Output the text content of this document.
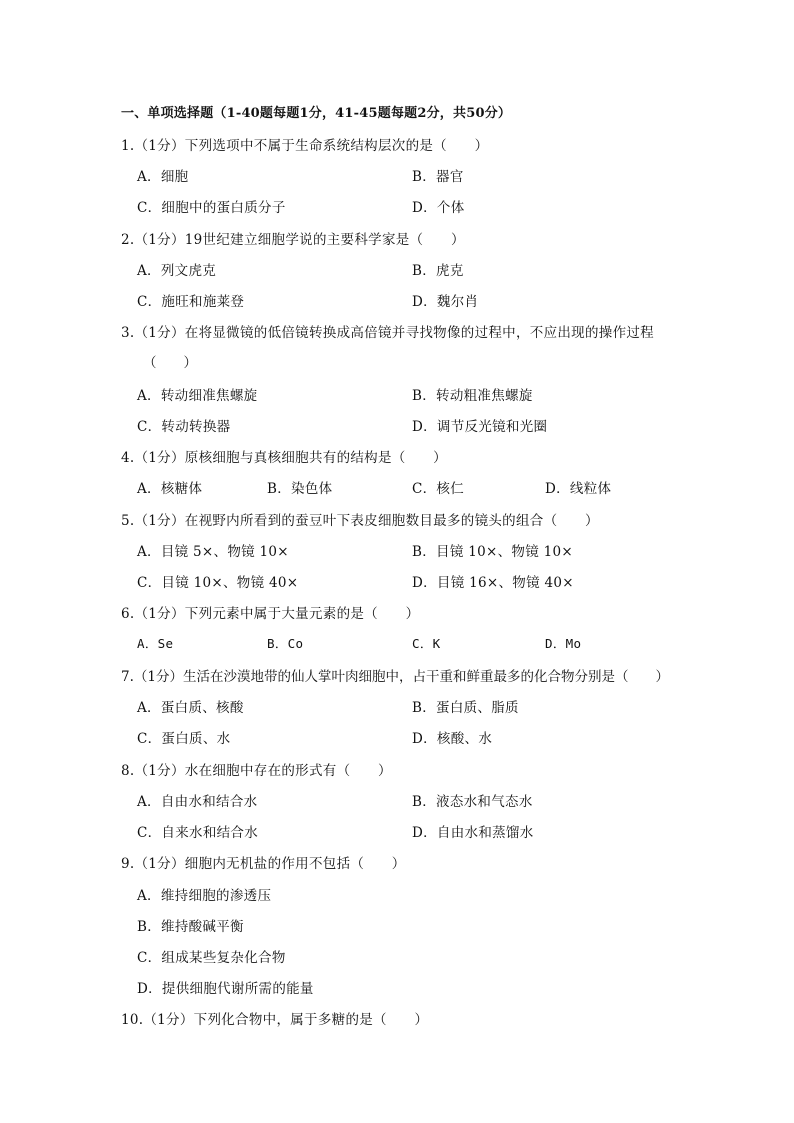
一、单项选择题（1-40题每题1分，41-45题每题2分，共50分）
1.（1分）下列选项中不属于生命系统结构层次的是（　　）
A．细胞	B．器官
C．细胞中的蛋白质分子	D．个体
2.（1分）19世纪建立细胞学说的主要科学家是（　　）
A．列文虎克	B．虎克
C．施旺和施莱登	D．魏尔肖
3.（1分）在将显微镜的低倍镜转换成高倍镜并寻找物像的过程中，不应出现的操作过程
（　　）
A．转动细准焦螺旋	B．转动粗准焦螺旋
C．转动转换器	D．调节反光镜和光圈
4.（1分）原核细胞与真核细胞共有的结构是（　　）
A．核糖体	B．染色体	C．核仁	D．线粒体
5.（1分）在视野内所看到的蚕豆叶下表皮细胞数目最多的镜头的组合（　　）
A．目镜 5×、物镜 10×	B．目镜 10×、物镜 10×
C．目镜 10×、物镜 40×	D．目镜 16×、物镜 40×
6.（1分）下列元素中属于大量元素的是（　　）
A．Se	B．Co	C．K	D．Mo
7.（1分）生活在沙漠地带的仙人掌叶肉细胞中，占干重和鲜重最多的化合物分别是（　　）
A．蛋白质、核酸	B．蛋白质、脂质
C．蛋白质、水	D．核酸、水
8.（1分）水在细胞中存在的形式有（　　）
A．自由水和结合水	B．液态水和气态水
C．自来水和结合水	D．自由水和蒸馏水
9.（1分）细胞内无机盐的作用不包括（　　）
A．维持细胞的渗透压
B．维持酸碱平衡
C．组成某些复杂化合物
D．提供细胞代谢所需的能量
10.（1分）下列化合物中，属于多糖的是（　　）
